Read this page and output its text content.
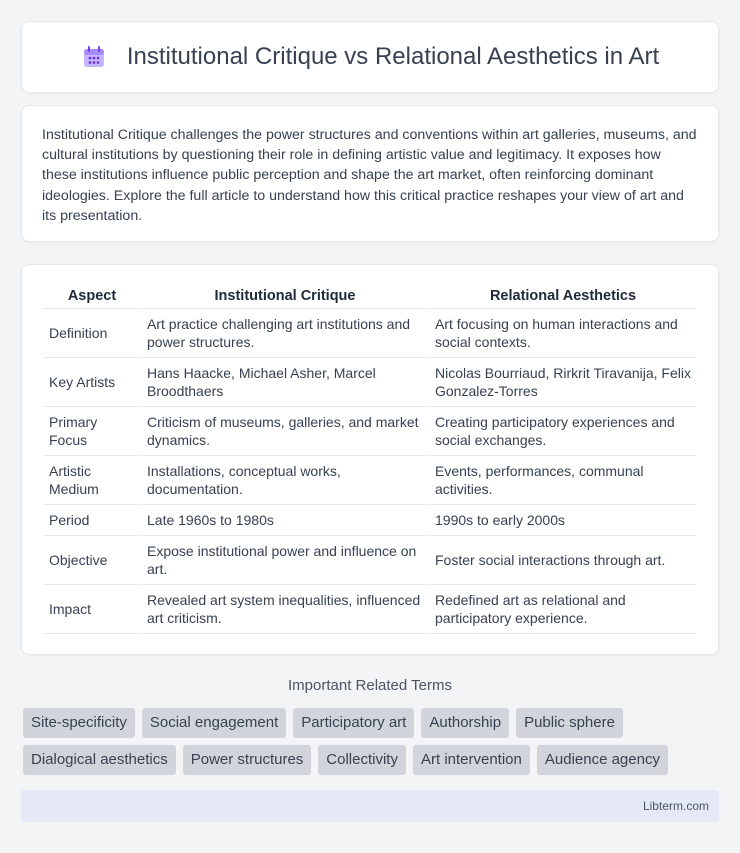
Institutional Critique vs Relational Aesthetics in Art

Institutional Critique challenges the power structures and conventions within art galleries, museums, and cultural institutions by questioning their role in defining artistic value and legitimacy. It exposes how these institutions influence public perception and shape the art market, often reinforcing dominant ideologies. Explore the full article to understand how this critical practice reshapes your view of art and its presentation.

Aspect	Institutional Critique	Relational Aesthetics
Definition	Art practice challenging art institutions and power structures.	Art focusing on human interactions and social contexts.
Key Artists	Hans Haacke, Michael Asher, Marcel Broodthaers	Nicolas Bourriaud, Rirkrit Tiravanija, Felix Gonzalez-Torres
Primary Focus	Criticism of museums, galleries, and market dynamics.	Creating participatory experiences and social exchanges.
Artistic Medium	Installations, conceptual works, documentation.	Events, performances, communal activities.
Period	Late 1960s to 1980s	1990s to early 2000s
Objective	Expose institutional power and influence on art.	Foster social interactions through art.
Impact	Revealed art system inequalities, influenced art criticism.	Redefined art as relational and participatory experience.
Important Related Terms
Site-specificity	Social engagement	Participatory art	Authorship	Public sphere
Dialogical aesthetics	Power structures	Collectivity	Art intervention	Audience agency
Libterm.com
